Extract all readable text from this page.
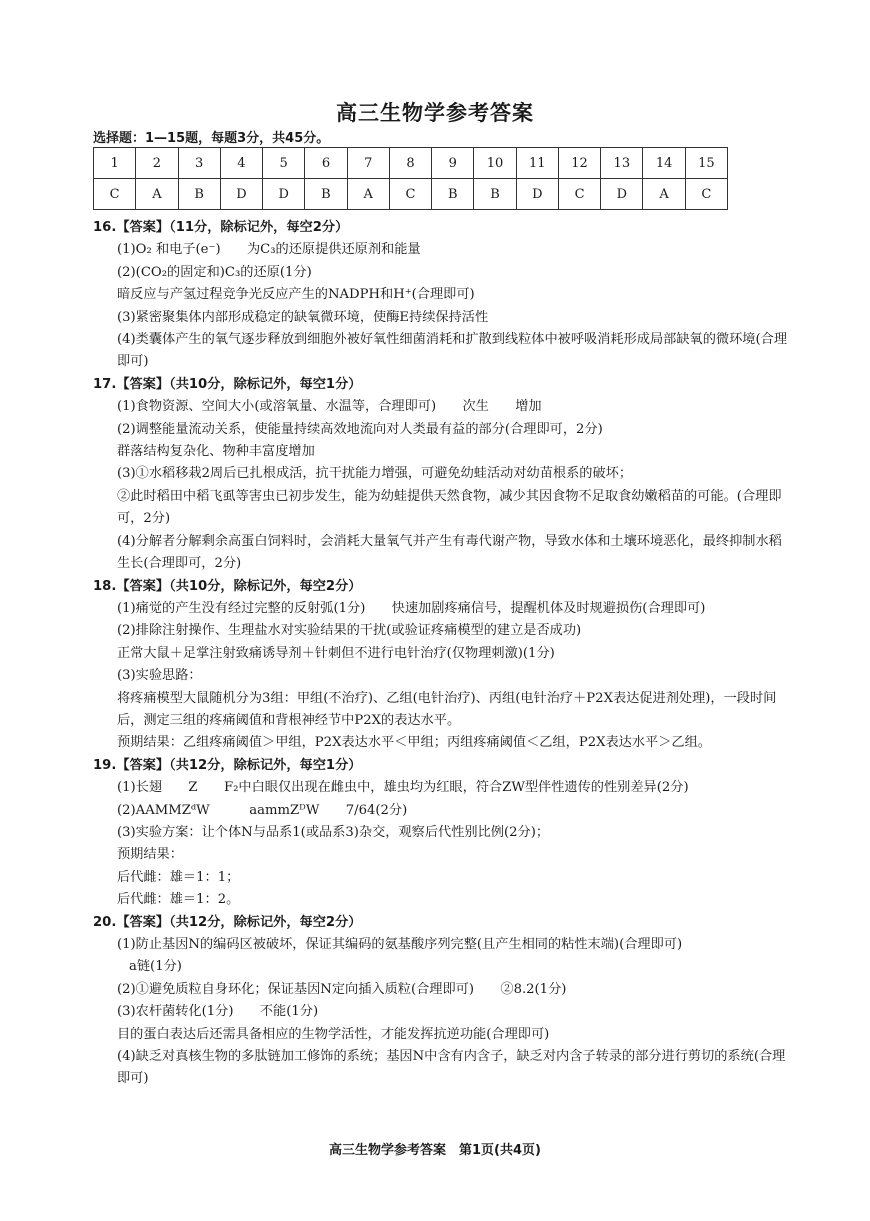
高三生物学参考答案
选择题：1—15题，每题3分，共45分。
1	2	3	4	5	6	7	8	9	10	11	12	13	14	15
C	A	B	D	D	B	A	C	B	B	D	C	D	A	C
16.【答案】（11分，除标记外，每空2分）
(1)O₂ 和电子(e⁻)　　为C₃的还原提供还原剂和能量
(2)(CO₂的固定和)C₃的还原(1分)
暗反应与产氢过程竞争光反应产生的NADPH和H⁺(合理即可)
(3)紧密聚集体内部形成稳定的缺氧微环境，使酶E持续保持活性
(4)类囊体产生的氧气逐步释放到细胞外被好氧性细菌消耗和扩散到线粒体中被呼吸消耗形成局部缺氧的微环境(合理即可)
17.【答案】（共10分，除标记外，每空1分）
(1)食物资源、空间大小(或溶氧量、水温等，合理即可)　　次生　　增加
(2)调整能量流动关系，使能量持续高效地流向对人类最有益的部分(合理即可，2分)
群落结构复杂化、物种丰富度增加
(3)①水稻移栽2周后已扎根成活，抗干扰能力增强，可避免幼蛙活动对幼苗根系的破坏；
②此时稻田中稻飞虱等害虫已初步发生，能为幼蛙提供天然食物，减少其因食物不足取食幼嫩稻苗的可能。(合理即可，2分)
(4)分解者分解剩余高蛋白饲料时，会消耗大量氧气并产生有毒代谢产物，导致水体和土壤环境恶化，最终抑制水稻生长(合理即可，2分)
18.【答案】（共10分，除标记外，每空2分）
(1)痛觉的产生没有经过完整的反射弧(1分)　　快速加剧疼痛信号，提醒机体及时规避损伤(合理即可)
(2)排除注射操作、生理盐水对实验结果的干扰(或验证疼痛模型的建立是否成功)
正常大鼠＋足掌注射致痛诱导剂＋针刺但不进行电针治疗(仅物理刺激)(1分)
(3)实验思路：
将疼痛模型大鼠随机分为3组：甲组(不治疗)、乙组(电针治疗)、丙组(电针治疗＋P2X表达促进剂处理)，一段时间后，测定三组的疼痛阈值和背根神经节中P2X的表达水平。
预期结果：乙组疼痛阈值＞甲组，P2X表达水平＜甲组；丙组疼痛阈值＜乙组，P2X表达水平＞乙组。
19.【答案】（共12分，除标记外，每空1分）
(1)长翅　　Z　　F₂中白眼仅出现在雌虫中，雄虫均为红眼，符合ZW型伴性遗传的性别差异(2分)
(2)AAMMZᵈW　　　aammZᴰW　　7/64(2分)
(3)实验方案：让个体N与品系1(或品系3)杂交，观察后代性别比例(2分)；
预期结果：
后代雌：雄＝1：1；
后代雌：雄＝1：2。
20.【答案】（共12分，除标记外，每空2分）
(1)防止基因N的编码区被破坏，保证其编码的氨基酸序列完整(且产生相同的粘性末端)(合理即可)
a链(1分)
(2)①避免质粒自身环化；保证基因N定向插入质粒(合理即可)　　②8.2(1分)
(3)农杆菌转化(1分)　　不能(1分)
目的蛋白表达后还需具备相应的生物学活性，才能发挥抗逆功能(合理即可)
(4)缺乏对真核生物的多肽链加工修饰的系统；基因N中含有内含子，缺乏对内含子转录的部分进行剪切的系统(合理即可)
高三生物学参考答案　第1页(共4页)
